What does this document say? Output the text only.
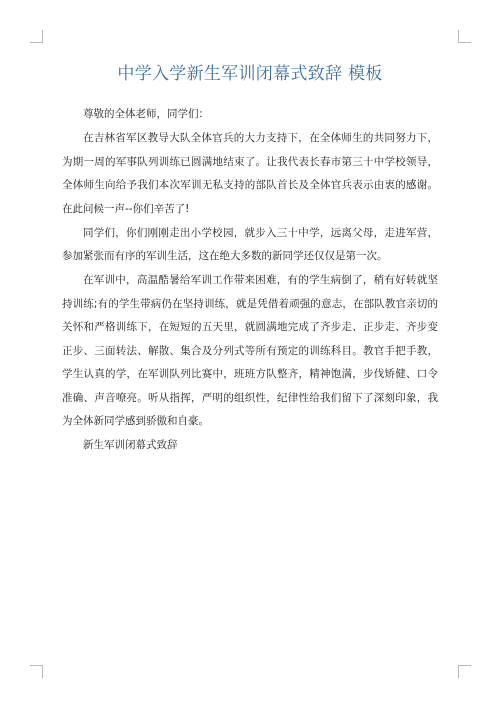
中学入学新生军训闭幕式致辞 模板

尊敬的全体老师，同学们：

在吉林省军区教导大队全体官兵的大力支持下，在全体师生的共同努力下，为期一周的军事队列训练已圆满地结束了。让我代表长春市第三十中学校领导，全体师生向给予我们本次军训无私支持的部队首长及全体官兵表示由衷的感谢。在此问候一声--你们辛苦了!

同学们，你们刚刚走出小学校园，就步入三十中学，远离父母，走进军营，参加紧张而有序的军训生活，这在绝大多数的新同学还仅仅是第一次。

在军训中，高温酷暑给军训工作带来困难，有的学生病倒了，稍有好转就坚持训练;有的学生带病仍在坚持训练，就是凭借着顽强的意志，在部队教官亲切的关怀和严格训练下，在短短的五天里，就圆满地完成了齐步走、正步走、齐步变正步、三面转法、解散、集合及分列式等所有预定的训练科目。教官手把手教，学生认真的学，在军训队列比赛中，班班方队整齐，精神饱满，步伐矫健、口令准确、声音嘹亮。听从指挥，严明的组织性，纪律性给我们留下了深刻印象，我为全体新同学感到骄傲和自豪。

新生军训闭幕式致辞
